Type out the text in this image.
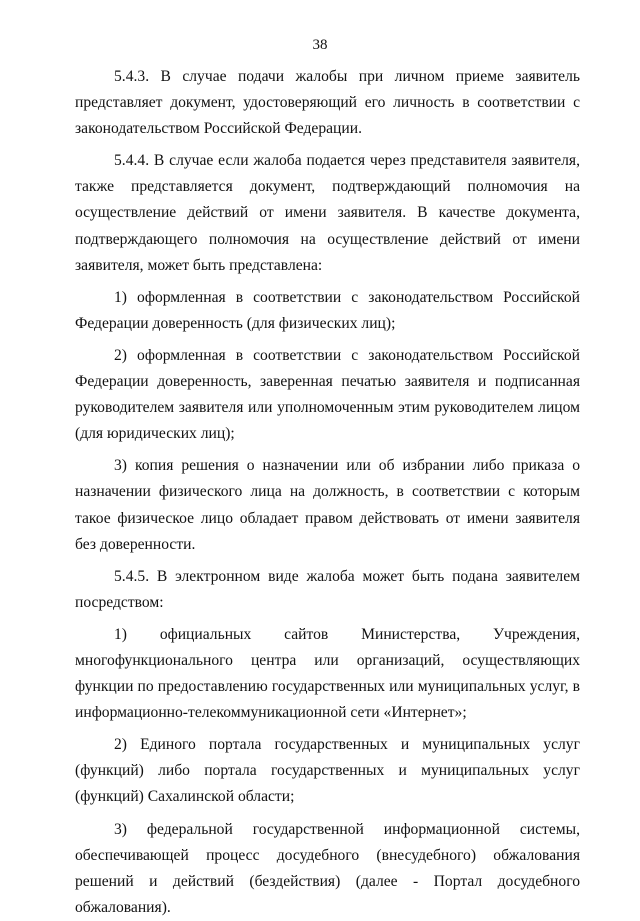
38

5.4.3. В случае подачи жалобы при личном приеме заявитель представляет документ, удостоверяющий его личность в соответствии с законодательством Российской Федерации.

5.4.4. В случае если жалоба подается через представителя заявителя, также представляется документ, подтверждающий полномочия на осуществление действий от имени заявителя. В качестве документа, подтверждающего полномочия на осуществление действий от имени заявителя, может быть представлена:

1) оформленная в соответствии с законодательством Российской Федерации доверенность (для физических лиц);

2) оформленная в соответствии с законодательством Российской Федерации доверенность, заверенная печатью заявителя и подписанная руководителем заявителя или уполномоченным этим руководителем лицом (для юридических лиц);

3) копия решения о назначении или об избрании либо приказа о назначении физического лица на должность, в соответствии с которым такое физическое лицо обладает правом действовать от имени заявителя без доверенности.

5.4.5. В электронном виде жалоба может быть подана заявителем посредством:

1) официальных сайтов Министерства, Учреждения, многофункционального центра или организаций, осуществляющих функции по предоставлению государственных или муниципальных услуг, в информационно-телекоммуникационной сети «Интернет»;

2) Единого портала государственных и муниципальных услуг (функций) либо портала государственных и муниципальных услуг (функций) Сахалинской области;

3) федеральной государственной информационной системы, обеспечивающей процесс досудебного (внесудебного) обжалования решений и действий (бездействия) (далее - Портал досудебного обжалования).
